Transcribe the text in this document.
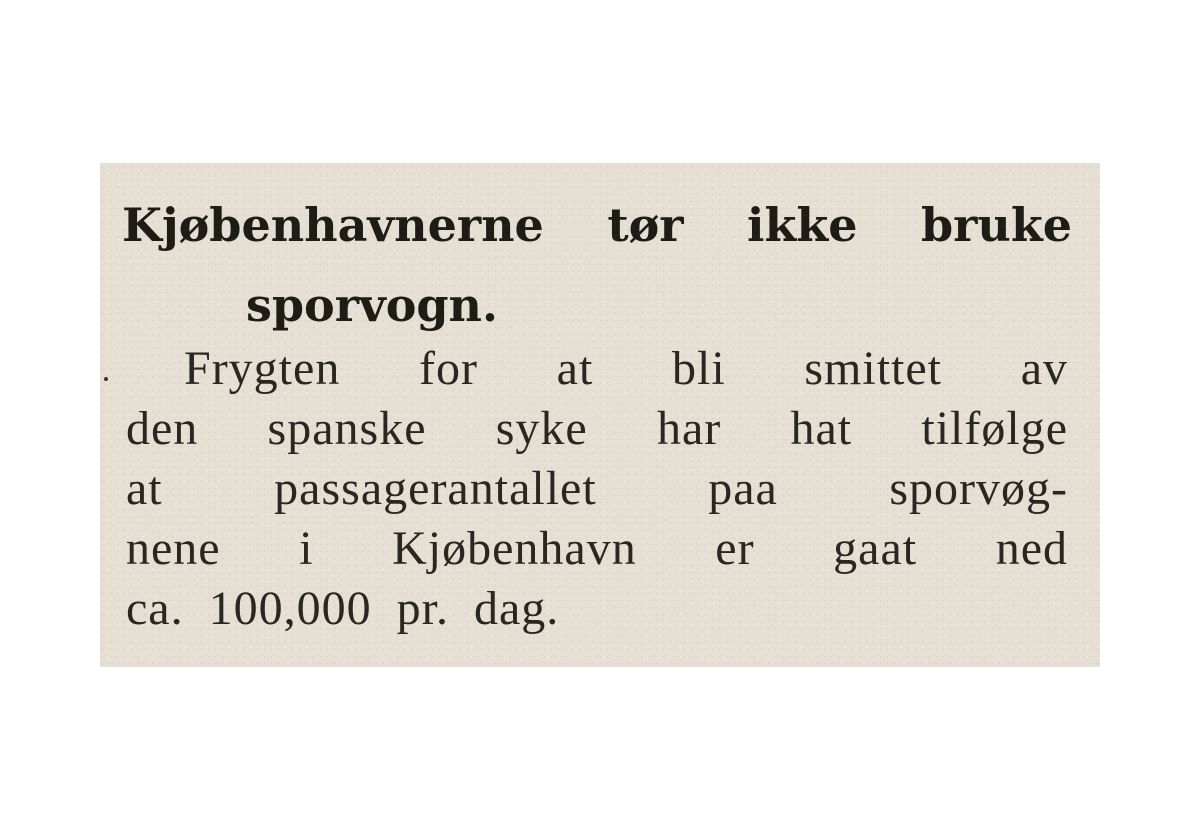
Kjøbenhavnerne tør ikke bruke
sporvogn.

Frygten for at bli smittet av
den spanske syke har hat tilfølge
at passagerantallet paa sporvøg-
nene i Kjøbenhavn er gaat ned
ca. 100,000 pr. dag.
